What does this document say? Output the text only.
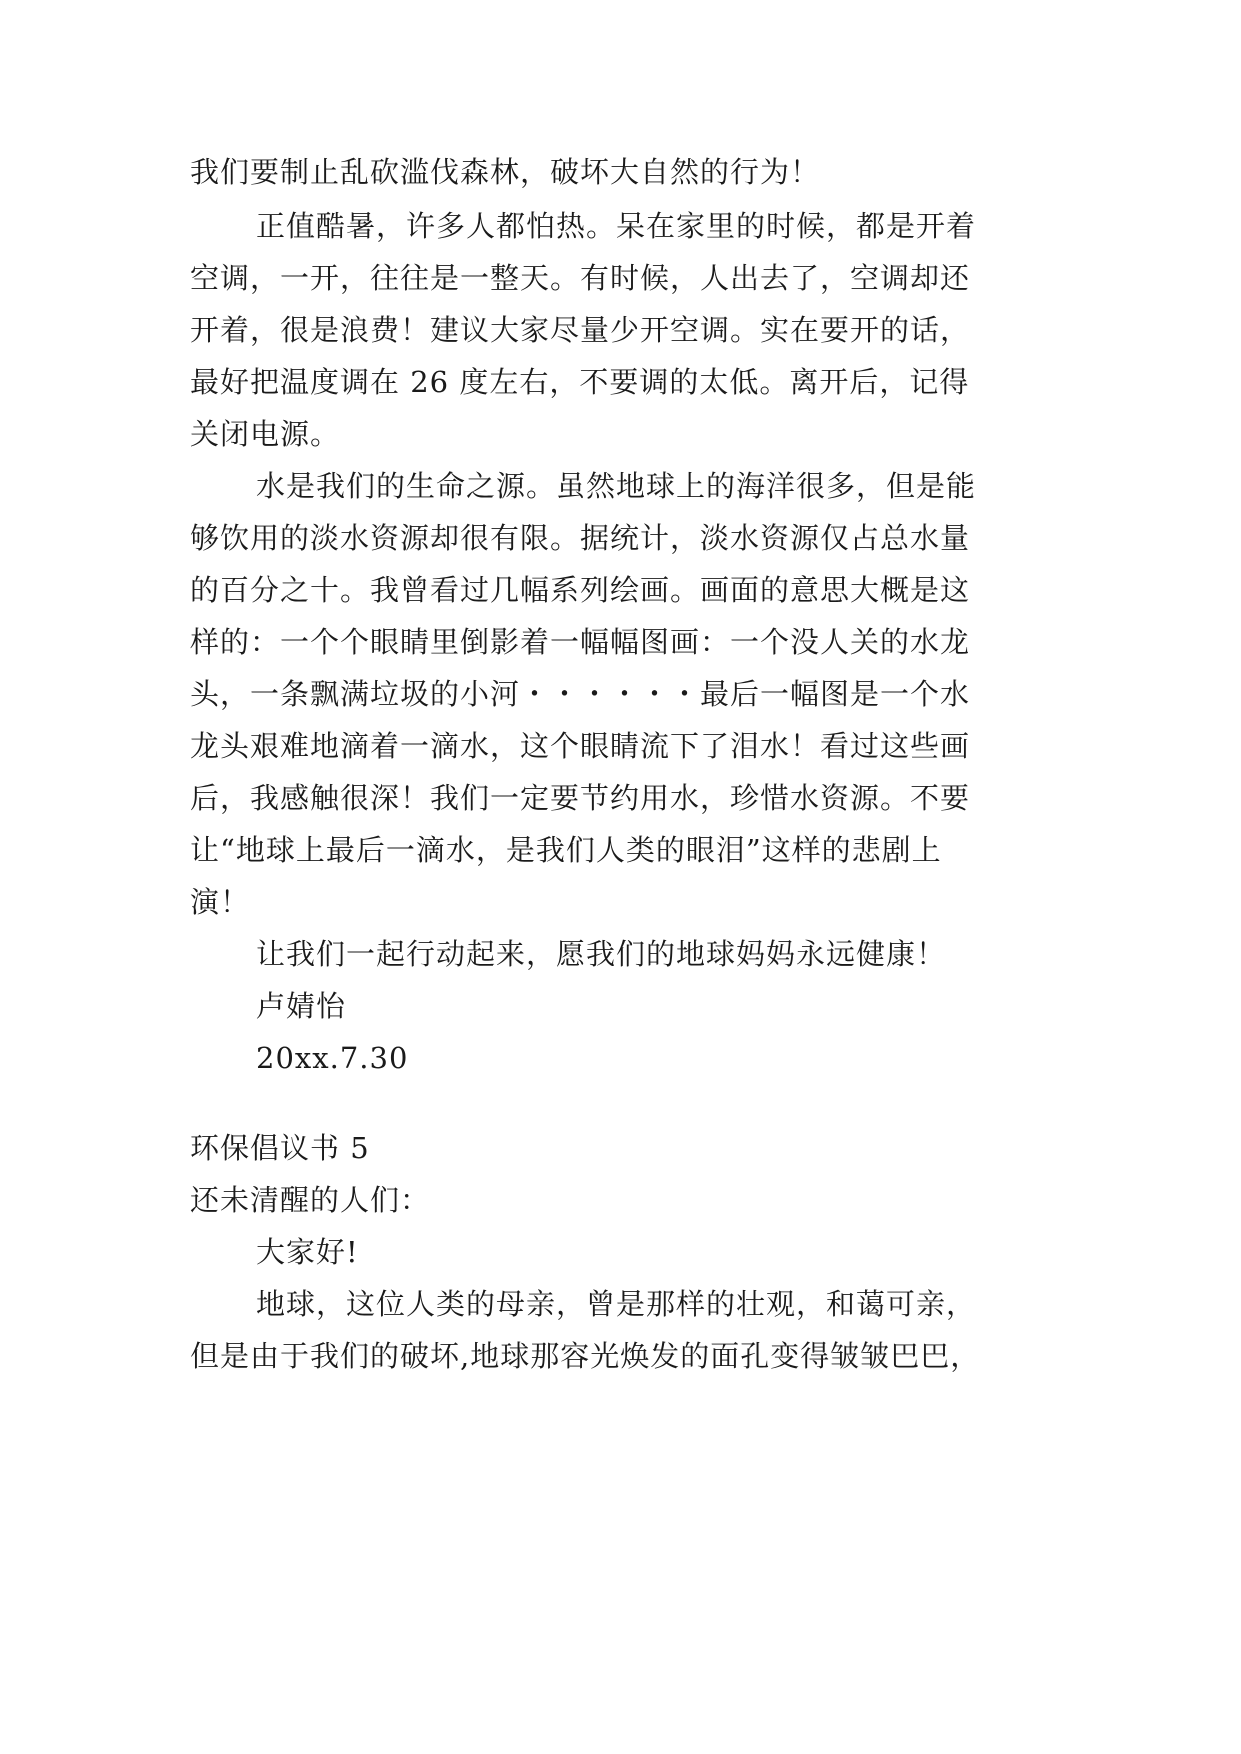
我们要制止乱砍滥伐森林，破坏大自然的行为！
正值酷暑，许多人都怕热。呆在家里的时候，都是开着
空调，一开，往往是一整天。有时候，人出去了，空调却还
开着，很是浪费！建议大家尽量少开空调。实在要开的话，
最好把温度调在 26 度左右，不要调的太低。离开后，记得
关闭电源。
水是我们的生命之源。虽然地球上的海洋很多，但是能
够饮用的淡水资源却很有限。据统计，淡水资源仅占总水量
的百分之十。我曾看过几幅系列绘画。画面的意思大概是这
样的：一个个眼睛里倒影着一幅幅图画：一个没人关的水龙
头，一条飘满垃圾的小河・・・・・・最后一幅图是一个水
龙头艰难地滴着一滴水，这个眼睛流下了泪水！看过这些画
后，我感触很深！我们一定要节约用水，珍惜水资源。不要
让“地球上最后一滴水，是我们人类的眼泪”这样的悲剧上
演！
让我们一起行动起来，愿我们的地球妈妈永远健康！
卢婧怡
20xx.7.30
环保倡议书 5
还未清醒的人们：
大家好!
地球，这位人类的母亲，曾是那样的壮观，和蔼可亲，
但是由于我们的破坏,地球那容光焕发的面孔变得皱皱巴巴，
